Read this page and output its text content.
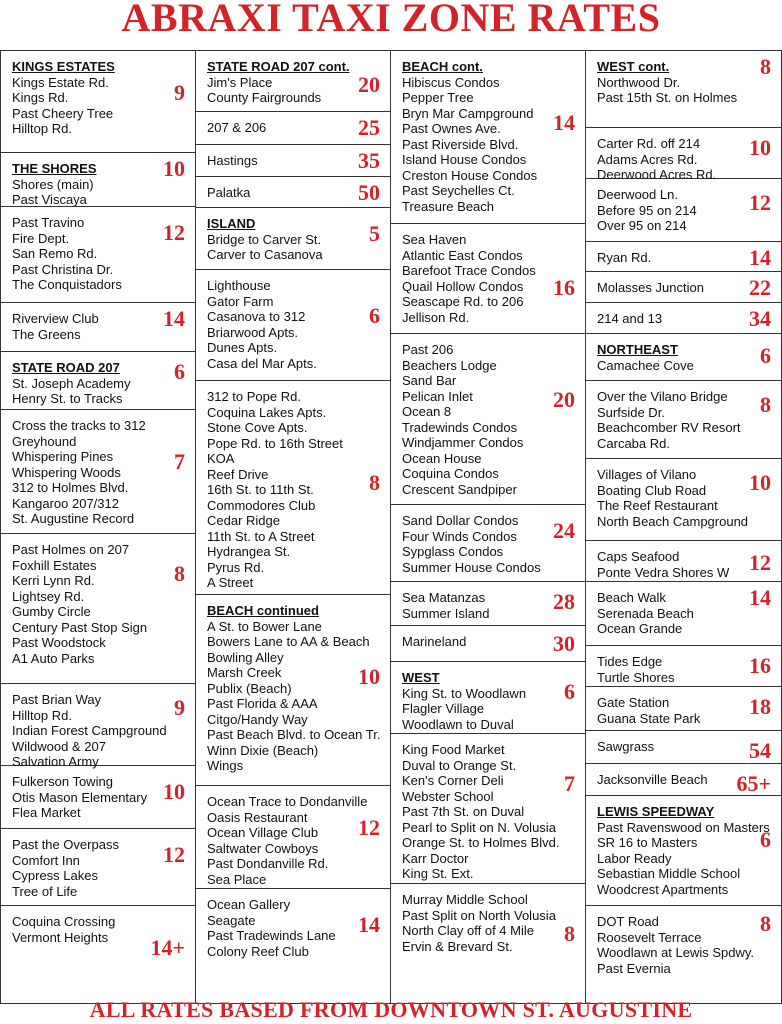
ABRAXI TAXI ZONE RATES
KINGS ESTATES
Kings Estate Rd.
Kings Rd.
Past Cheery Tree
Hilltop Rd.
9
THE SHORES
Shores (main)
Past Viscaya
10
Past Travino
Fire Dept.
San Remo Rd.
Past Christina Dr.
The Conquistadors
12
Riverview Club
The Greens
14
STATE ROAD 207
St. Joseph Academy
Henry St. to Tracks
6
Cross the tracks to 312
Greyhound
Whispering Pines
Whispering Woods
312 to Holmes Blvd.
Kangaroo 207/312
St. Augustine Record
7
Past Holmes on 207
Foxhill Estates
Kerri Lynn Rd.
Lightsey Rd.
Gumby Circle
Century Past Stop Sign
Past Woodstock
A1 Auto Parks
8
Past Brian Way
Hilltop Rd.
Indian Forest Campground
Wildwood & 207
Salvation Army
9
Fulkerson Towing
Otis Mason Elementary
Flea Market
10
Past the Overpass
Comfort Inn
Cypress Lakes
Tree of Life
12
Coquina Crossing
Vermont Heights	14+
STATE ROAD 207 cont.
Jim's Place
County Fairgrounds
20
207 & 206	25
Hastings	35
Palatka	50
ISLAND
Bridge to Carver St.
Carver to Casanova
5
Lighthouse
Gator Farm
Casanova to 312
Briarwood Apts.
Dunes Apts.
Casa del Mar Apts.
6
312 to Pope Rd.
Coquina Lakes Apts.
Stone Cove Apts.
Pope Rd. to 16th Street
KOA
Reef Drive
16th St. to 11th St.
Commodores Club
Cedar Ridge
11th St. to A Street
Hydrangea St.
Pyrus Rd.
A Street
8
BEACH continued
A St. to Bower Lane
Bowers Lane to AA & Beach
Bowling Alley
Marsh Creek
Publix (Beach)
Past Florida & AAA
Citgo/Handy Way
Past Beach Blvd. to Ocean Tr.
Winn Dixie (Beach)
Wings
10
Ocean Trace to Dondanville
Oasis Restaurant
Ocean Village Club
Saltwater Cowboys
Past Dondanville Rd.
Sea Place
12
Ocean Gallery
Seagate
Past Tradewinds Lane
Colony Reef Club
14
BEACH cont.
Hibiscus Condos
Pepper Tree
Bryn Mar Campground
Past Ownes Ave.
Past Riverside Blvd.
Island House Condos
Creston House Condos
Past Seychelles Ct.
Treasure Beach
14
Sea Haven
Atlantic East Condos
Barefoot Trace Condos
Quail Hollow Condos
Seascape Rd. to 206
Jellison Rd.
16
Past 206
Beachers Lodge
Sand Bar
Pelican Inlet
Ocean 8
Tradewinds Condos
Windjammer Condos
Ocean House
Coquina Condos
Crescent Sandpiper
20
Sand Dollar Condos
Four Winds Condos
Sypglass Condos
Summer House Condos
24
Sea Matanzas
Summer Island	28
Marineland	30
WEST
King St. to Woodlawn
Flagler Village
Woodlawn to Duval
6
King Food Market
Duval to Orange St.
Ken's Corner Deli
Webster School
Past 7th St. on Duval
Pearl to Split on N. Volusia
Orange St. to Holmes Blvd.
Karr Doctor
King St. Ext.
7
Murray Middle School
Past Split on North Volusia
North Clay off of 4 Mile
Ervin & Brevard St.	8
WEST cont.
Northwood Dr.
Past 15th St. on Holmes
8
Carter Rd. off 214
Adams Acres Rd.
Deerwood Acres Rd.
10
Deerwood Ln.
Before 95 on 214
Over 95 on 214
12
Ryan Rd.	14
Molasses Junction	22
214 and 13	34
NORTHEAST
Camachee Cove	6
Over the Vilano Bridge
Surfside Dr.
Beachcomber RV Resort
Carcaba Rd.
8
Villages of Vilano
Boating Club Road
The Reef Restaurant
North Beach Campground
10
Caps Seafood
Ponte Vedra Shores W 12
Beach Walk
Serenada Beach
Ocean Grande
14
Tides Edge
Turtle Shores	16
Gate Station
Guana State Park	18
Sawgrass	54
Jacksonville Beach	65+
LEWIS SPEEDWAY
Past Ravenswood on Masters
SR 16 to Masters
Labor Ready
Sebastian Middle School
Woodcrest Apartments
6
DOT Road
Roosevelt Terrace
Woodlawn at Lewis Spdwy.
Past Evernia
8
ALL RATES BASED FROM DOWNTOWN ST. AUGUSTINE
